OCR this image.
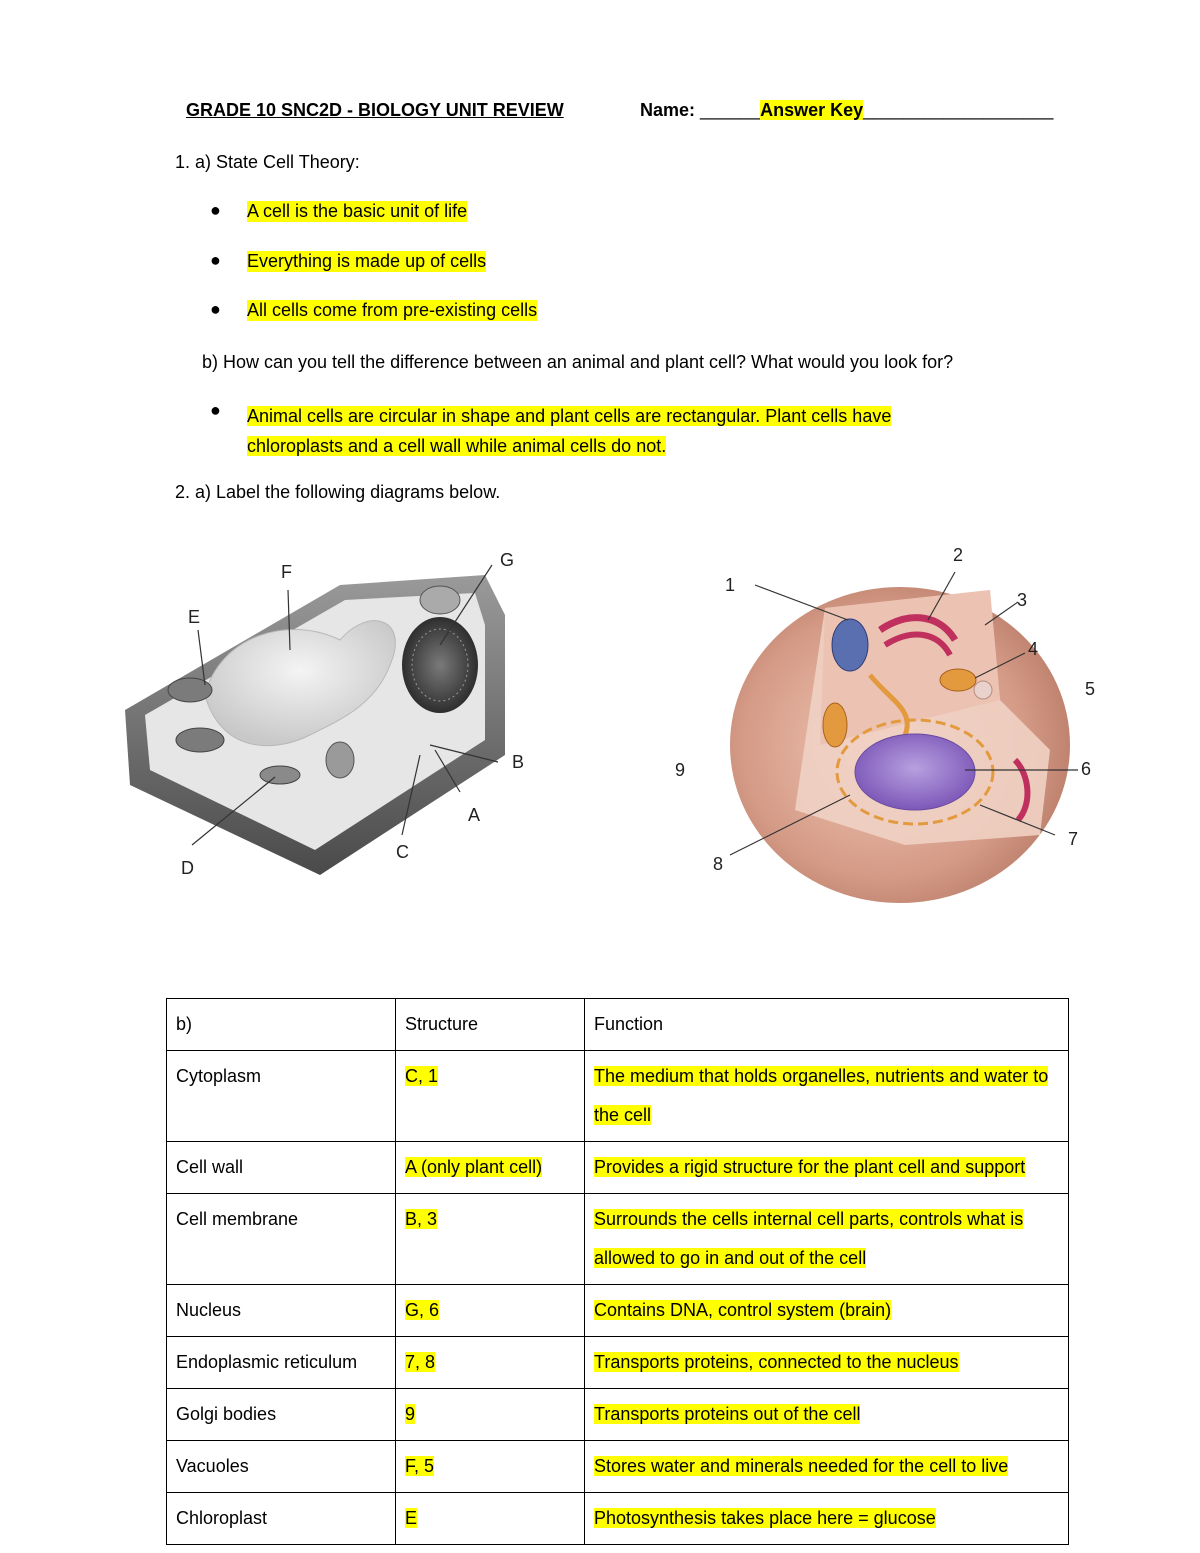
GRADE 10 SNC2D - BIOLOGY UNIT REVIEW	Name: ______Answer Key___________________
1. a) State Cell Theory:
● A cell is the basic unit of life
● Everything is made up of cells
● All cells come from pre-existing cells
b) How can you tell the difference between an animal and plant cell? What would you look for?
● Animal cells are circular in shape and plant cells are rectangular. Plant cells have
chloroplasts and a cell wall while animal cells do not.
2. a) Label the following diagrams below.
F
G
E
B
A
C
D
1
2
3
4
5
6
7
8
9
b)	Structure	Function
Cytoplasm	C, 1	The medium that holds organelles, nutrients and water to the cell
Cell wall	A (only plant cell)	Provides a rigid structure for the plant cell and support
Cell membrane	B, 3	Surrounds the cells internal cell parts, controls what is allowed to go in and out of the cell
Nucleus	G, 6	Contains DNA, control system (brain)
Endoplasmic reticulum	7, 8	Transports proteins, connected to the nucleus
Golgi bodies	9	Transports proteins out of the cell
Vacuoles	F, 5	Stores water and minerals needed for the cell to live
Chloroplast	E	Photosynthesis takes place here = glucose
